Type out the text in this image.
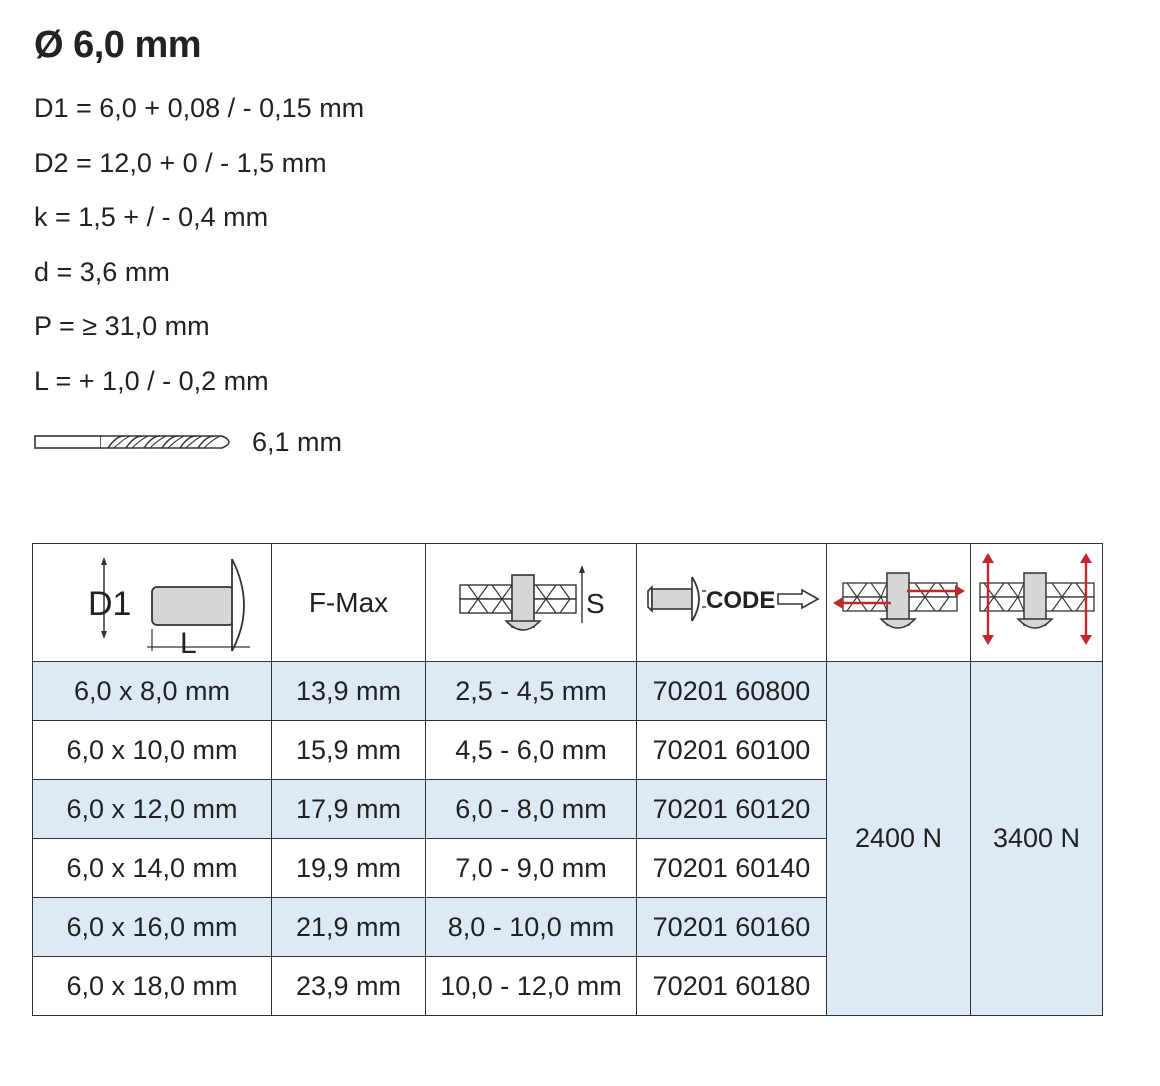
Ø 6,0 mm
D1 = 6,0 + 0,08 / - 0,15 mm
D2 = 12,0 + 0 / - 1,5 mm
k = 1,5 + / - 0,4 mm
d = 3,6 mm
P = ≥ 31,0 mm
L = + 1,0 / - 0,2 mm
6,1 mm
D1
L	F-Max	S	CODE

6,0 x 8,0 mm	13,9 mm	2,5 - 4,5 mm	70201 60800	2400 N	3400 N
6,0 x 10,0 mm	15,9 mm	4,5 - 6,0 mm	70201 60100		
6,0 x 12,0 mm	17,9 mm	6,0 - 8,0 mm	70201 60120		
6,0 x 14,0 mm	19,9 mm	7,0 - 9,0 mm	70201 60140		
6,0 x 16,0 mm	21,9 mm	8,0 - 10,0 mm	70201 60160		
6,0 x 18,0 mm	23,9 mm	10,0 - 12,0 mm	70201 60180		
